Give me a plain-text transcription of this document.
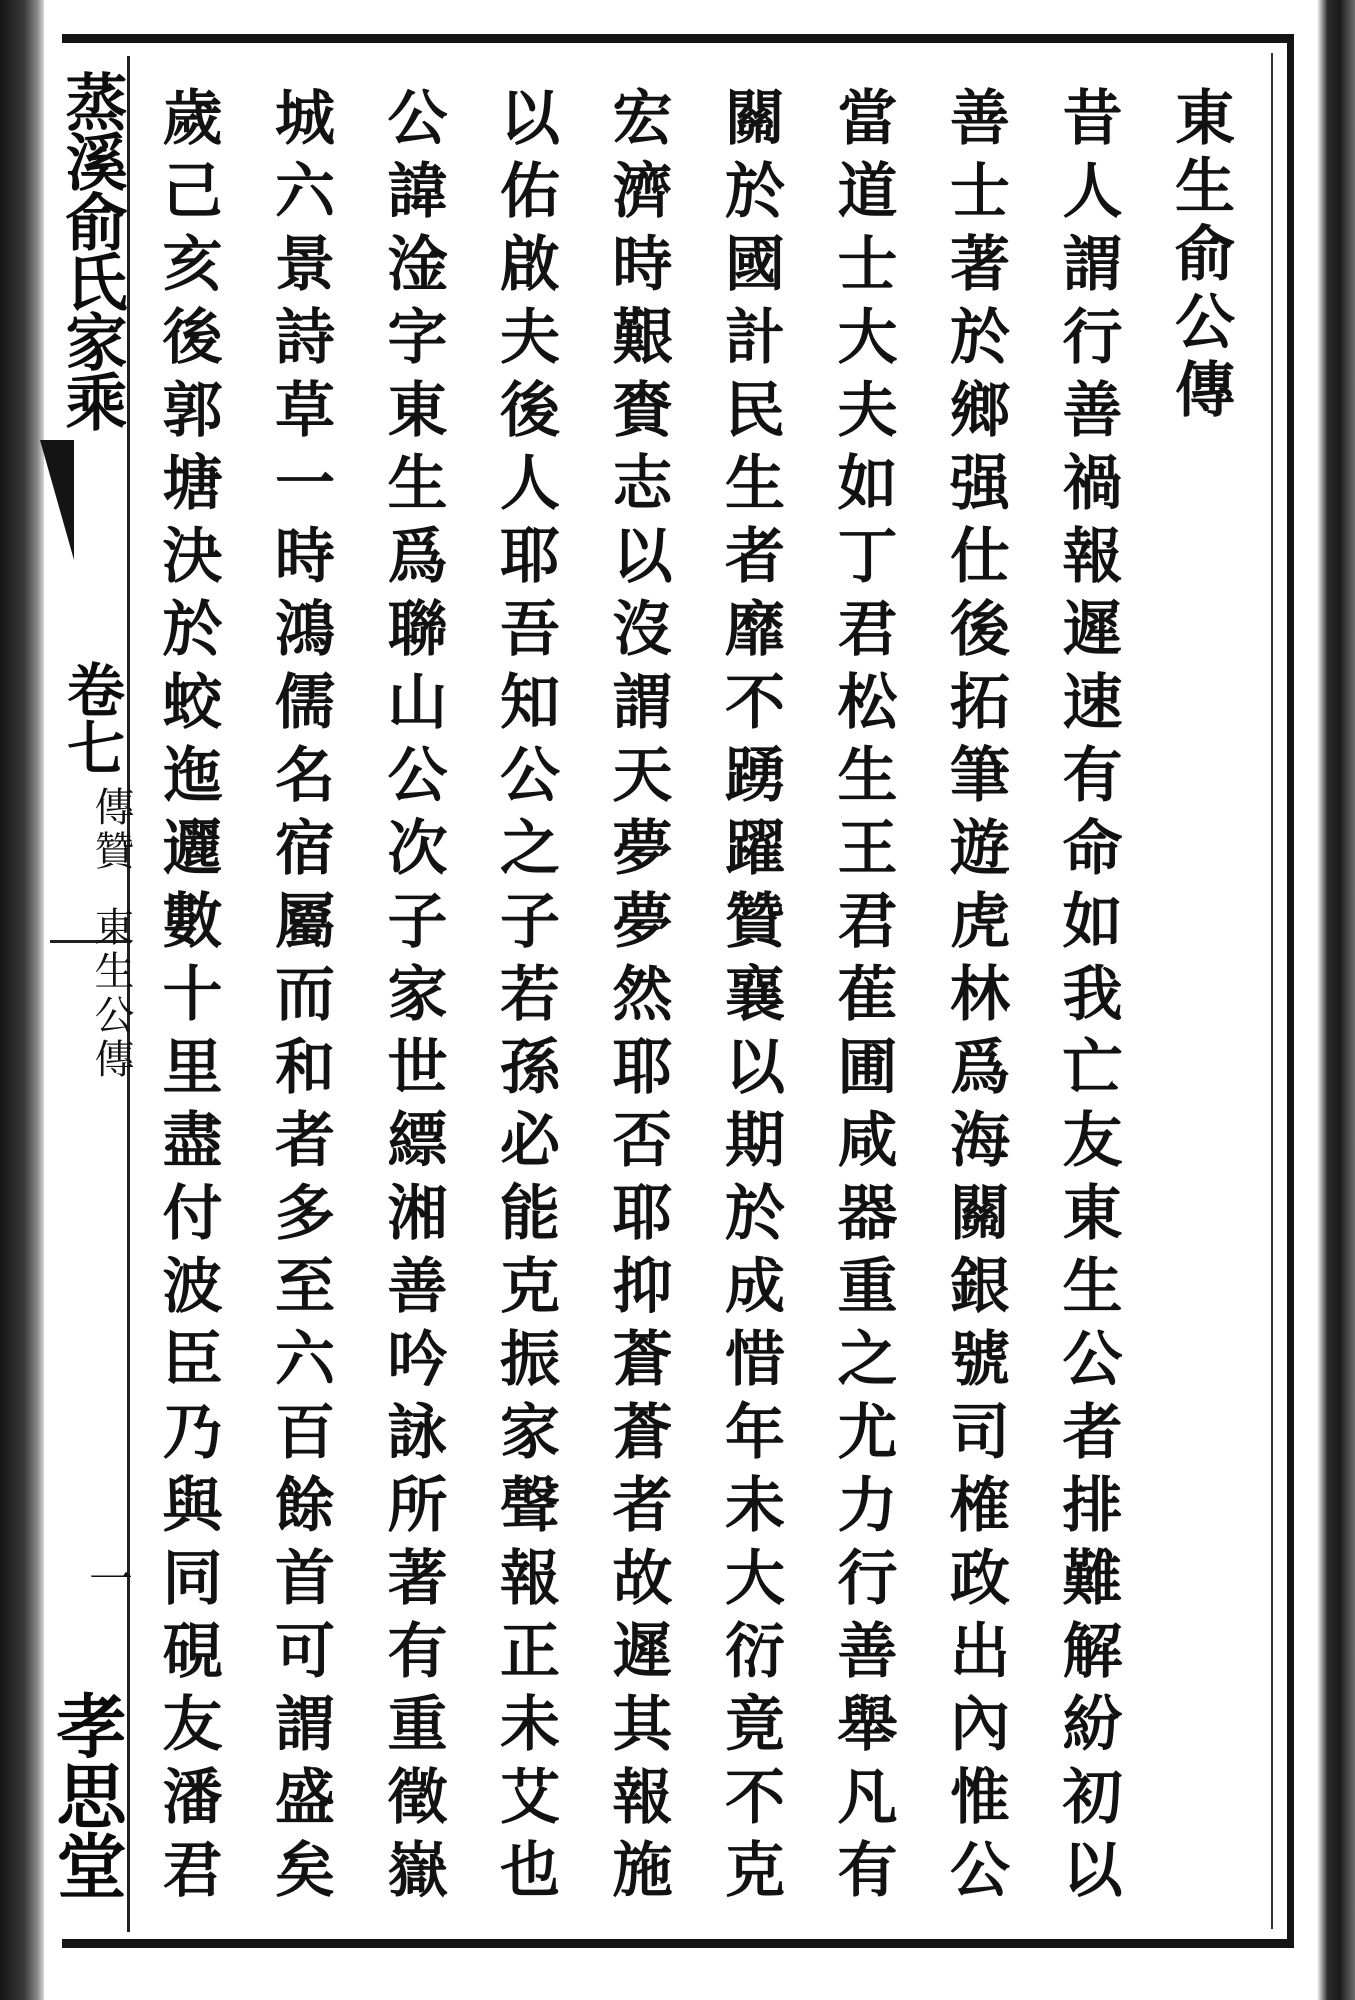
蒸溪俞氏家乘
卷七
傳贊東生公傳
一
孝思堂
東生俞公傳
昔人謂行善禍報遲速有命如我亡友東生公者排難解紛初以
善士著於鄉强仕後拓筆遊虎林爲海關銀號司榷政出內惟公
當道士大夫如丁君松生王君萑圃咸器重之尤力行善舉凡有
關於國計民生者靡不踴躍贊襄以期於成惜年未大衍竟不克
宏濟時艱賚志以沒謂天夢夢然耶否耶抑蒼蒼者故遲其報施
以佑啟夫後人耶吾知公之子若孫必能克振家聲報正未艾也
公諱淦字東生爲聯山公次子家世縹湘善吟詠所著有重徵嶽
城六景詩草一時鴻儒名宿屬而和者多至六百餘首可謂盛矣
歲己亥後郭塘決於蛟迤邐數十里盡付波臣乃與同硯友潘君
